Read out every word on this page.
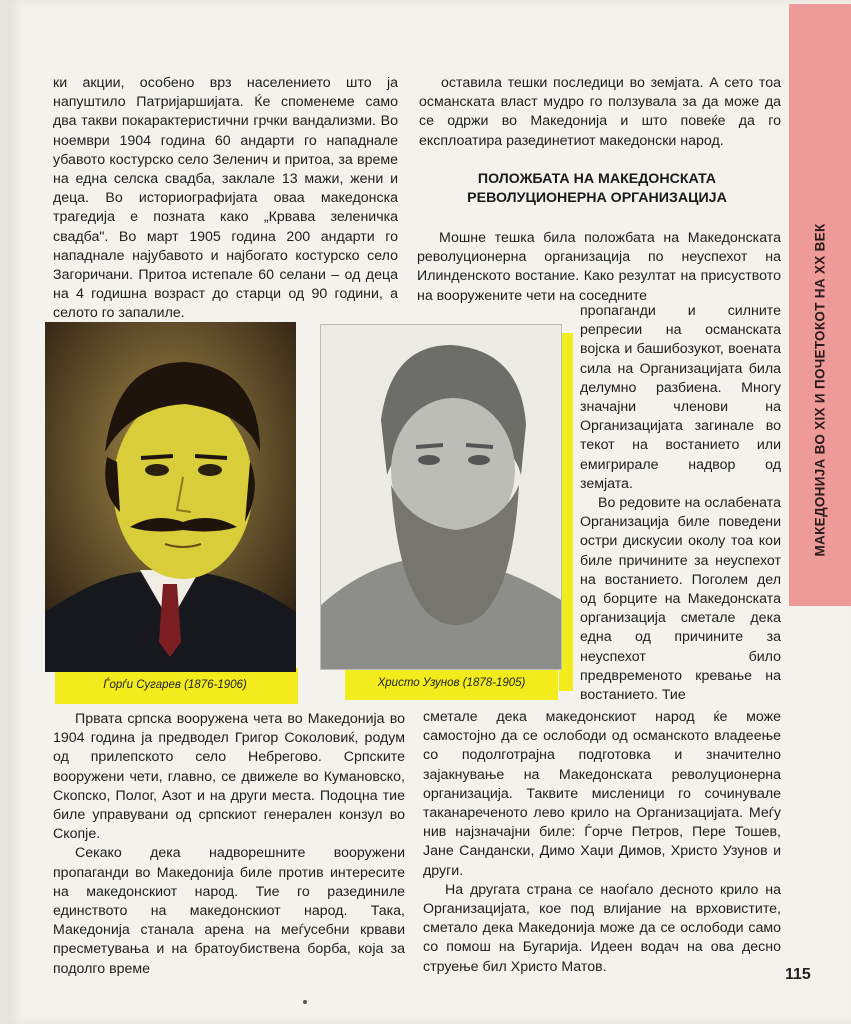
МАКЕДОНИЈА ВО XIX И ПОЧЕТОКОТ НА XX ВЕК

ки акции, особено врз населението што ја напуштило Патријаршијата. Ќе спомeнеме само два такви покарактеристични грчки вандализми. Во ноември 1904 година 60 андарти го нападнале убавото костурско село Зеленич и притоа, за време на една селска свадба, заклале 13 мажи, жени и деца. Во историографијата оваа македонска трагедија е позната како „Крвава зеленичка свадба". Во март 1905 година 200 андарти го нападнале најубавото и најбогато костурско село Загоричани. Притоа истепале 60 селани – од деца на 4 годишна возраст до старци од 90 години, а селото го запалиле.

оставила тешки последици во земјата. А сето тоа османската власт мудро го ползувала за да може да се одржи во Македонија и што повеќе да го експлоатира разединетиот македонски народ.

ПОЛОЖБАТА НА МАКЕДОНСКАТА
РЕВОЛУЦИОНЕРНА ОРГАНИЗАЦИЈА

Мошне тешка била положбата на Македонската револуционерна организација по неуспехот на Илинденското востание. Како резултат на присуството на вооружените чети на соседните

пропаганди и силните репресии на османската војска и башибозукот, воената сила на Организацијата била делумно разбиена. Многу значајни членови на Организацијата загинале во текот на востанието или емигрирале надвор од земјата.

Во редовите на ослабената Организација биле поведени остри дискусии околу тоа кои биле причините за неуспехот на востанието. Поголем дел од борците на Македонската организација сметале дека една од причините за неуспехот било предвременото кревање на востанието. Тие

Ѓорѓи Сугарев (1876-1906)	Христо Узунов (1878-1905)

Првата српска вооружена чета во Македонија во 1904 година ја предводел Григор Соколовиќ, родум од прилепското село Небрегово. Српските вооружени чети, главно, се движеле во Кумановско, Скопско, Полог, Азот и на други места. Подоцна тие биле управувани од српскиот генерален конзул во Скопје.

Секако дека надворешните вооружени пропаганди во Македонија биле против интересите на македонскиот народ. Тие го разединиле единството на македонскиот народ. Така, Македонија станала арена на меѓусебни крвави пресметувања и на братоубиствена борба, која за подолго време

сметале дека македонскиот народ ќе може самостојно да се ослободи од османското владеење со подолготрајна подготовка и значително зајакнување на Македонската револуционерна организација. Таквите мисленици го сочинувале таканареченото лево крило на Организацијата. Меѓу нив најзначајни биле: Ѓорче Петров, Пере Тошев, Јане Сандански, Димо Хаџи Димов, Христо Узунов и други.

На другата страна се наоѓало десното крило на Организацијата, кое под влијание на врховистите, сметало дека Македонија може да се ослободи само со помош на Бугарија. Идеен водач на ова десно струење бил Христо Матов.	115
